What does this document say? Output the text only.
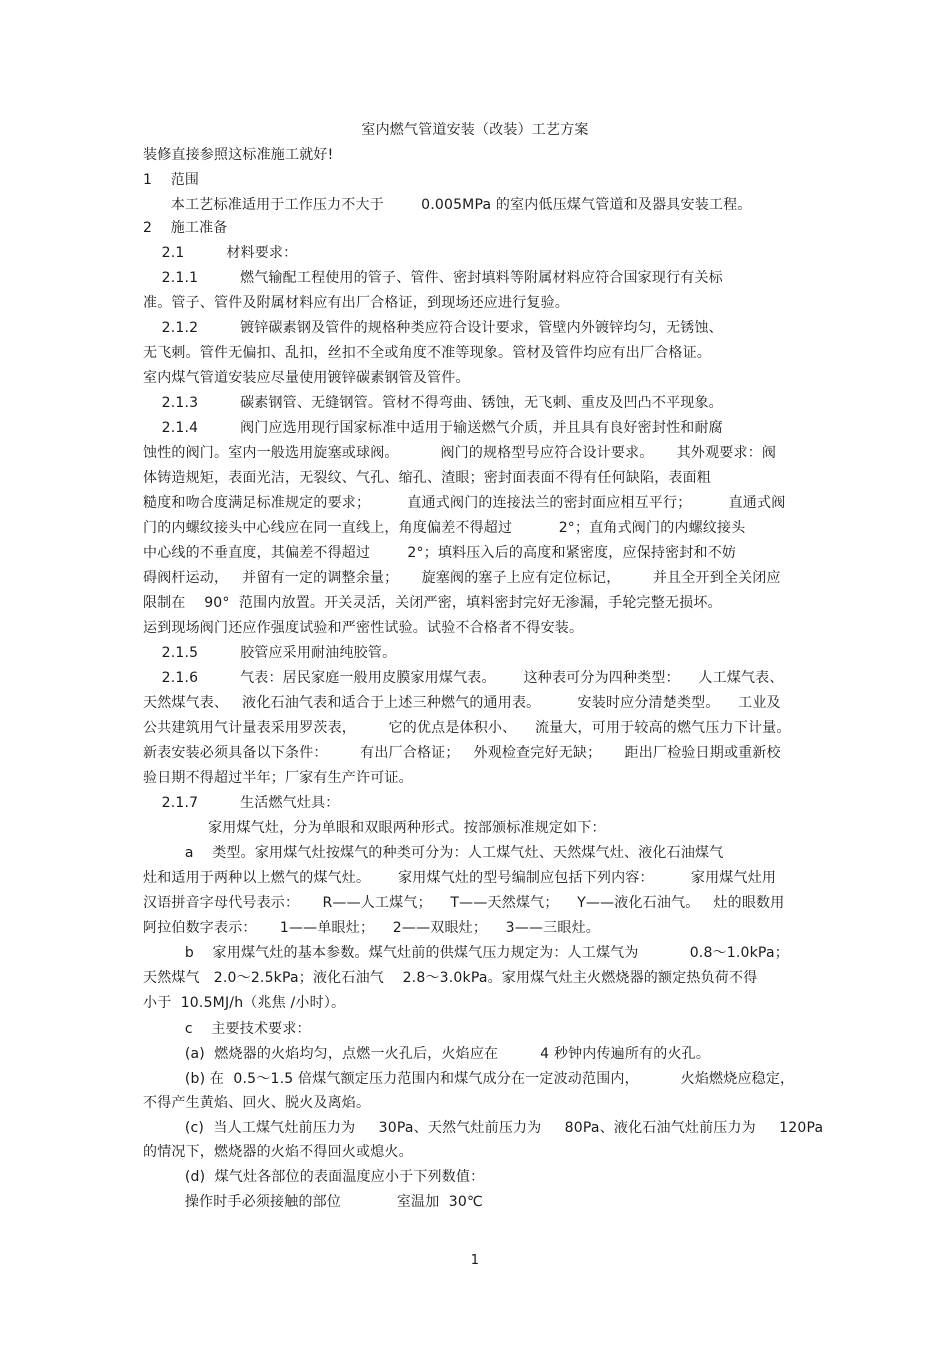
室内燃气管道安装（改装）工艺方案
装修直接参照这标准施工就好!
1    范围
本工艺标准适用于工作压力不大于        0.005MPa 的室内低压煤气管道和及器具安装工程。
2    施工准备
2.1         材料要求：
2.1.1         燃气输配工程使用的管子、管件、密封填料等附属材料应符合国家现行有关标
准。管子、管件及附属材料应有出厂合格证，到现场还应进行复验。
2.1.2         镀锌碳素钢及管件的规格种类应符合设计要求，管壁内外镀锌均匀，无锈蚀、
无飞刺。管件无偏扣、乱扣，丝扣不全或角度不准等现象。管材及管件均应有出厂合格证。
室内煤气管道安装应尽量使用镀锌碳素钢管及管件。
2.1.3         碳素钢管、无缝钢管。管材不得弯曲、锈蚀，无飞刺、重皮及凹凸不平现象。
2.1.4         阀门应选用现行国家标准中适用于输送燃气介质，并且具有良好密封性和耐腐
蚀性的阀门。室内一般选用旋塞或球阀。         阀门的规格型号应符合设计要求。     其外观要求：阀
体铸造规矩，表面光洁，无裂纹、气孔、缩孔、渣眼；密封面表面不得有任何缺陷，表面粗
糙度和吻合度满足标准规定的要求；        直通式阀门的连接法兰的密封面应相互平行；        直通式阀
门的内螺纹接头中心线应在同一直线上，角度偏差不得超过          2°；直角式阀门的内螺纹接头
中心线的不垂直度，其偏差不得超过        2°；填料压入后的高度和紧密度，应保持密封和不妨
碍阀杆运动，   并留有一定的调整余量；     旋塞阀的塞子上应有定位标记，       并且全开到全关闭应
限制在    90°  范围内放置。开关灵活，关闭严密，填料密封完好无渗漏，手轮完整无损坏。
运到现场阀门还应作强度试验和严密性试验。试验不合格者不得安装。
2.1.5         胶管应采用耐油纯胶管。
2.1.6         气表：居民家庭一般用皮膜家用煤气表。      这种表可分为四种类型：    人工煤气表、
天然煤气表、   液化石油气表和适合于上述三种燃气的通用表。        安装时应分清楚类型。    工业及
公共建筑用气计量表采用罗茨表，       它的优点是体积小、    流量大，可用于较高的燃气压力下计量。
新表安装必须具备以下条件：       有出厂合格证；   外观检查完好无缺；     距出厂检验日期或重新校
验日期不得超过半年；厂家有生产许可证。
2.1.7         生活燃气灶具：
家用煤气灶，分为单眼和双眼两种形式。按部颁标准规定如下：
a    类型。家用煤气灶按煤气的种类可分为：人工煤气灶、天然煤气灶、液化石油煤气
灶和适用于两种以上燃气的煤气灶。      家用煤气灶的型号编制应包括下列内容：        家用煤气灶用
汉语拼音字母代号表示：     R——人工煤气；    T——天然煤气；    Y——液化石油气。   灶的眼数用
阿拉伯数字表示：     1——单眼灶；    2——双眼灶；    3——三眼灶。
b    家用煤气灶的基本参数。煤气灶前的供煤气压力规定为：人工煤气为           0.8～1.0kPa；
天然煤气   2.0～2.5kPa；液化石油气    2.8～3.0kPa。家用煤气灶主火燃烧器的额定热负荷不得
小于  10.5MJ/h（兆焦 /小时）。
c    主要技术要求：
(a)  燃烧器的火焰均匀，点燃一火孔后，火焰应在         4 秒钟内传遍所有的火孔。
(b) 在  0.5～1.5 倍煤气额定压力范围内和煤气成分在一定波动范围内，         火焰燃烧应稳定，
不得产生黄焰、回火、脱火及离焰。
(c)  当人工煤气灶前压力为     30Pa、天然气灶前压力为     80Pa、液化石油气灶前压力为     120Pa
的情况下，燃烧器的火焰不得回火或熄火。
(d)  煤气灶各部位的表面温度应小于下列数值：
操作时手必须接触的部位            室温加  30℃
1
